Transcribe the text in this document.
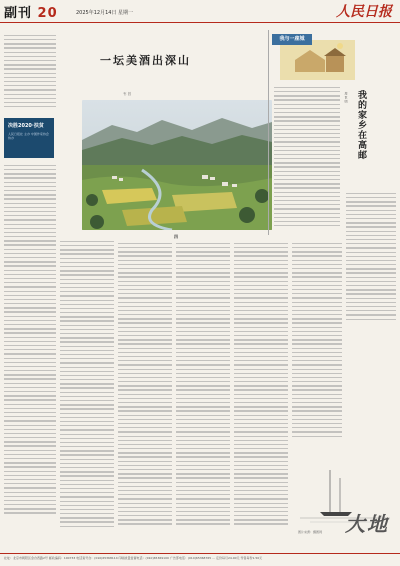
副刊 20	2025年12月14日 星期一	人民日报
决胜2020·扶贫
人民日报社 主办 中国作家协会 协办
一坛美酒出深山
韦 昌
四
我与一座城
我的家乡在高邮
周 世 明
大地
图片来源：摄图网
社址：北京市朝阳区金台西路2号 邮政编码：100733 电话查号台：(010)65368114 印刷质量监督电话：(010)65369100 广告部电话：(010)65368765 ... 定价每月24.00元 零售每份1.50元
